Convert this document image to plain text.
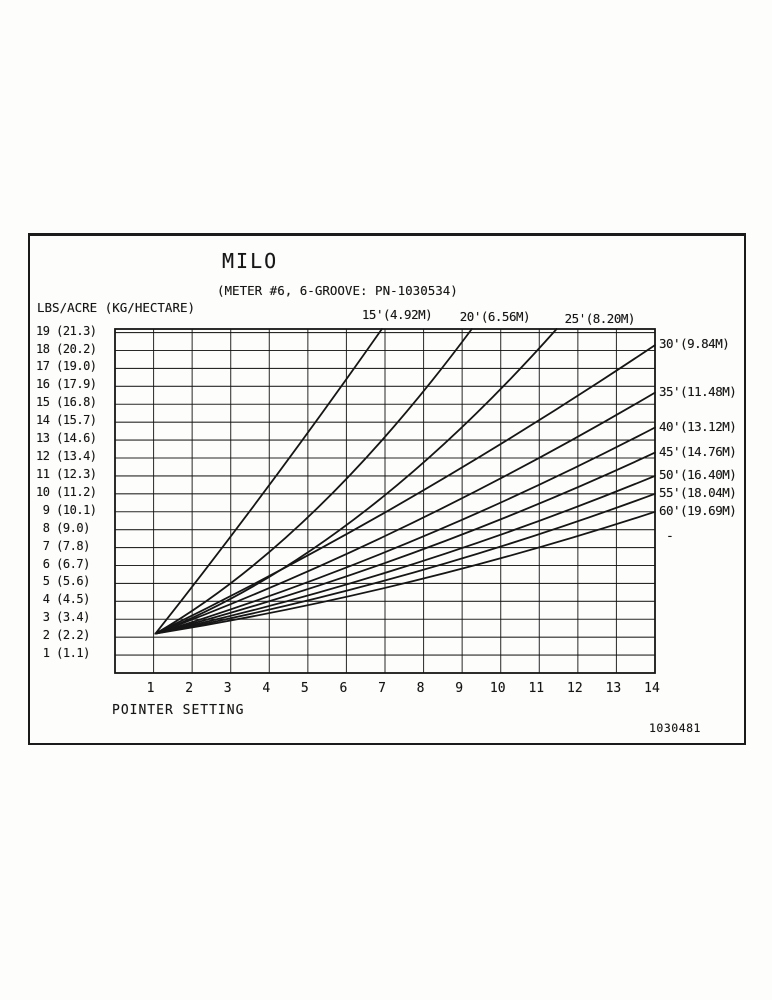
MILO
(METER #6, 6-GROOVE: PN-1030534)
LBS/ACRE (KG/HECTARE)
POINTER SETTING
1030481
-
19 (21.3)
18 (20.2)
17 (19.0)
16 (17.9)
15 (16.8)
14 (15.7)
13 (14.6)
12 (13.4)
11 (12.3)
10 (11.2)
9 (10.1)
8 (9.0)
7 (7.8)
6 (6.7)
5 (5.6)
4 (4.5)
3 (3.4)
2 (2.2)
1 (1.1)
1	2	3	4	5	6	7	8	9	10	11	12	13	14
15'(4.92M) 20'(6.56M)	25'(8.20M)
30'(9.84M)
35'(11.48M)
40'(13.12M)
45'(14.76M)
50'(16.40M)
55'(18.04M)
60'(19.69M)
